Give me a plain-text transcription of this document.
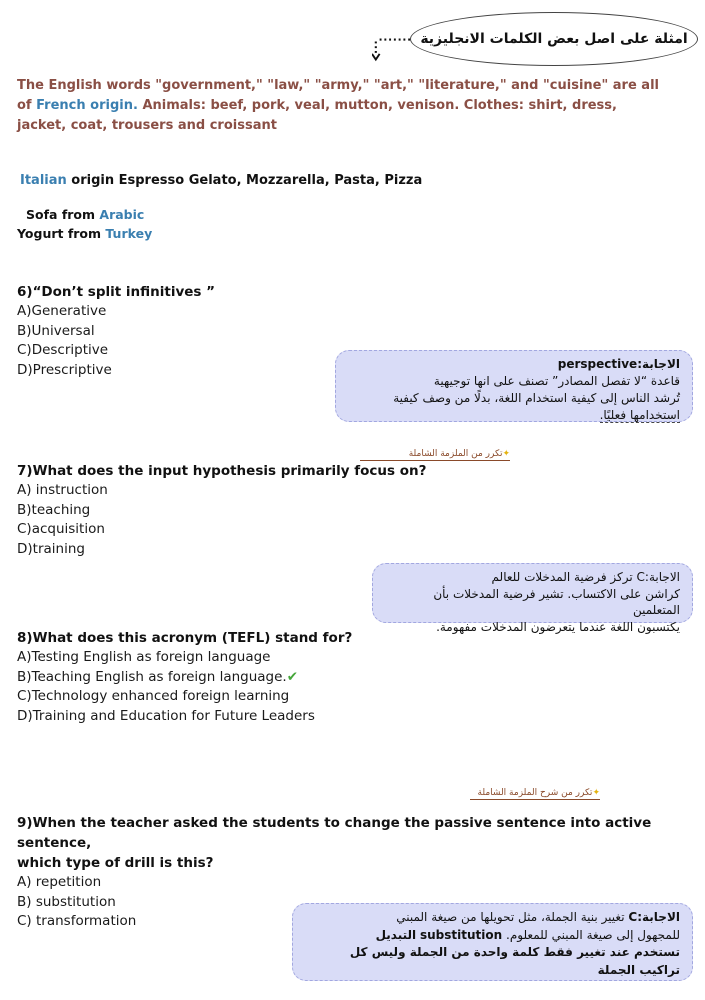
امثلة على اصل بعض الكلمات الانجليزية
The English words "government," "law," "army," "art," "literature," and "cuisine" are all
of French origin. Animals: beef, pork, veal, mutton, venison. Clothes: shirt, dress,
jacket, coat, trousers and croissant
Italian origin Espresso Gelato, Mozzarella, Pasta, Pizza
Sofa from Arabic
Yogurt from Turkey
6)“Don’t split infinitives ”
A)Generative
B)Universal
C)Descriptive
D)Prescriptive	الاجابة:perspective
قاعدة “لا تفصل المصادر” تصنف على انها توجيهية
تُرشد الناس إلى كيفية استخدام اللغة، بدلًا من وصف كيفية
استخدامها فعليًا.
✦تكرر من الملزمة الشاملة
7)What does the input hypothesis primarily focus on?
A) instruction
B)teaching
C)acquisition
D)training
الاجابة:C تركز فرضية المدخلات للعالم
كراشن على الاكتساب. تشير فرضية المدخلات بأن المتعلمين
يكتسبون اللغة عندما يتعرضون المدخلات مفهومة.
8)What does this acronym (TEFL) stand for?
A)Testing English as foreign language
B)Teaching English as foreign language.✔
C)Technology enhanced foreign learning
D)Training and Education for Future Leaders
✦تكرر من شرح الملزمة الشاملة
9)When the teacher asked the students to change the passive sentence into active sentence,
which type of drill is this?
A) repetition
B) substitution
C) transformation	الاجابة:C تغيير بنية الجملة، مثل تحويلها من صيغة المبني
للمجهول إلى صيغة المبني للمعلوم. substitution التبديل
تستخدم عند تغيير فقط كلمة واحدة من الجملة وليس كل
تراكيب الجملة
